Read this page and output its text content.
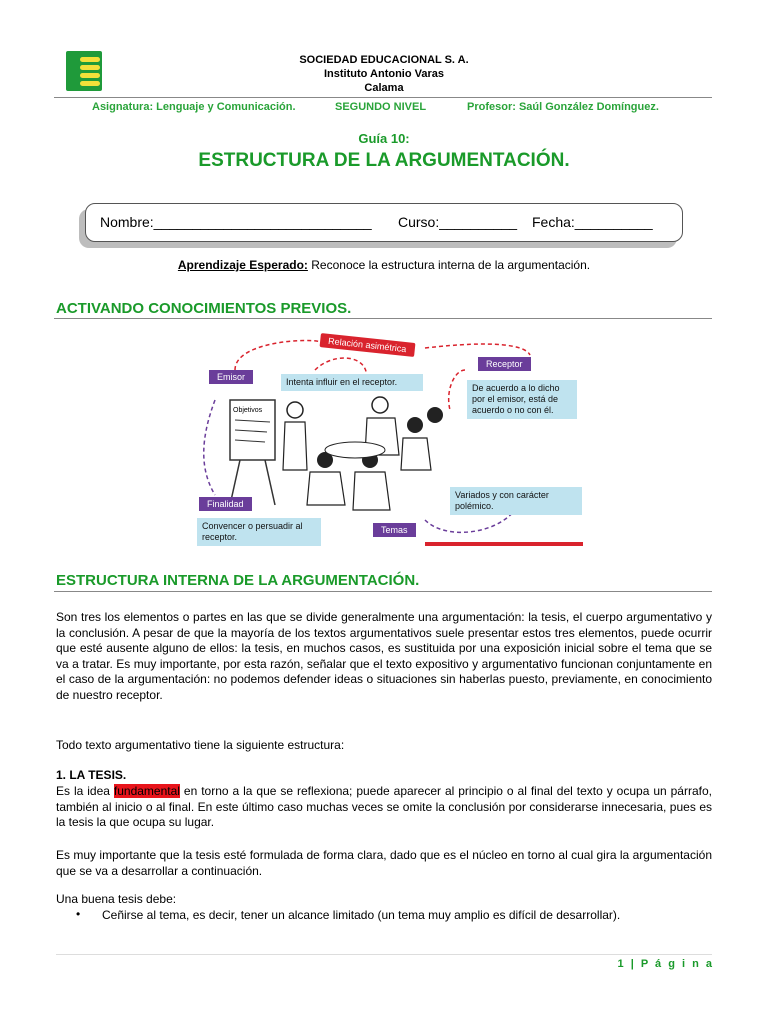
SOCIEDAD EDUCACIONAL S. A.
Instituto Antonio Varas
Calama
Asignatura: Lenguaje y Comunicación.	SEGUNDO NIVEL	Profesor: Saúl González Domínguez.
Guía 10:
ESTRUCTURA DE LA ARGUMENTACIÓN.
Nombre:____________________________ Curso:__________ Fecha:__________
Aprendizaje Esperado: Reconoce la estructura interna de la argumentación.
ACTIVANDO CONOCIMIENTOS PREVIOS.
Objetivos
Relación asimétrica
Emisor	Intenta influir en el receptor.
Receptor
De acuerdo a lo dicho por el emisor, está de acuerdo o no con él.
Finalidad
Convencer o persuadir al receptor.
Temas
Variados y con carácter polémico.
ESTRUCTURA INTERNA DE LA ARGUMENTACIÓN.
Son tres los elementos o partes en las que se divide generalmente una argumentación: la tesis, el cuerpo argumentativo y la conclusión. A pesar de que la mayoría de los textos argumentativos suele presentar estos tres elementos, puede ocurrir que esté ausente alguno de ellos: la tesis, en muchos casos, es sustituida por una exposición inicial sobre el tema que se va a tratar. Es muy importante, por esta razón, señalar que el texto expositivo y argumentativo funcionan conjuntamente en el caso de la argumentación: no podemos defender ideas o situaciones sin haberlas puesto, previamente, en conocimiento de nuestro receptor.
Todo texto argumentativo tiene la siguiente estructura:
1. LA TESIS.
Es la idea fundamental en torno a la que se reflexiona; puede aparecer al principio o al final del texto y ocupa un párrafo, también al inicio o al final. En este último caso muchas veces se omite la conclusión por considerarse innecesaria, pues es la tesis la que ocupa su lugar.
Es muy importante que la tesis esté formulada de forma clara, dado que es el núcleo en torno al cual gira la argumentación que se va a desarrollar a continuación.
Una buena tesis debe:
• Ceñirse al tema, es decir, tener un alcance limitado (un tema muy amplio es difícil de desarrollar).
1 | P á g i n a
